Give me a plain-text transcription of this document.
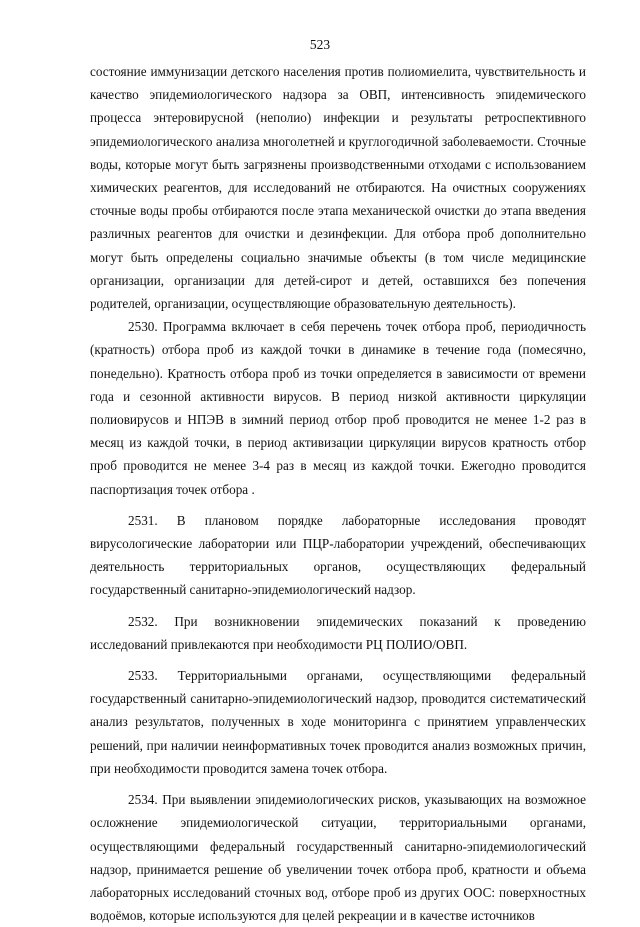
523

состояние иммунизации детского населения против полиомиелита, чувствительность и качество эпидемиологического надзора за ОВП, интенсивность эпидемического процесса энтеровирусной (неполио) инфекции и результаты ретроспективного эпидемиологического анализа многолетней и круглогодичной заболеваемости. Сточные воды, которые могут быть загрязнены производственными отходами с использованием химических реагентов, для исследований не отбираются. На очистных сооружениях сточные воды пробы отбираются после этапа механической очистки до этапа введения различных реагентов для очистки и дезинфекции. Для отбора проб дополнительно могут быть определены социально значимые объекты (в том числе медицинские организации, организации для детей-сирот и детей, оставшихся без попечения родителей, организации, осуществляющие образовательную деятельность).

2530. Программа включает в себя перечень точек отбора проб, периодичность (кратность) отбора проб из каждой точки в динамике в течение года (помесячно, понедельно). Кратность отбора проб из точки определяется в зависимости от времени года и сезонной активности вирусов. В период низкой активности циркуляции полиовирусов и НПЭВ в зимний период отбор проб проводится не менее 1-2 раз в месяц из каждой точки, в период активизации циркуляции вирусов кратность отбор проб проводится не менее 3-4 раз в месяц из каждой точки. Ежегодно проводится паспортизация точек отбора .

2531. В плановом порядке лабораторные исследования проводят вирусологические лаборатории или ПЦР-лаборатории учреждений, обеспечивающих деятельность территориальных органов, осуществляющих федеральный государственный санитарно-эпидемиологический надзор.

2532. При возникновении эпидемических показаний к проведению исследований привлекаются при необходимости РЦ ПОЛИО/ОВП.

2533. Территориальными органами, осуществляющими федеральный государственный санитарно-эпидемиологический надзор, проводится систематический анализ результатов, полученных в ходе мониторинга с принятием управленческих решений, при наличии неинформативных точек проводится анализ возможных причин, при необходимости проводится замена точек отбора.

2534. При выявлении эпидемиологических рисков, указывающих на возможное осложнение эпидемиологической ситуации, территориальными органами, осуществляющими федеральный государственный санитарно-эпидемиологический надзор, принимается решение об увеличении точек отбора проб, кратности и объема лабораторных исследований сточных вод, отборе проб из других ООС: поверхностных водоёмов, которые используются для целей рекреации и в качестве источников
